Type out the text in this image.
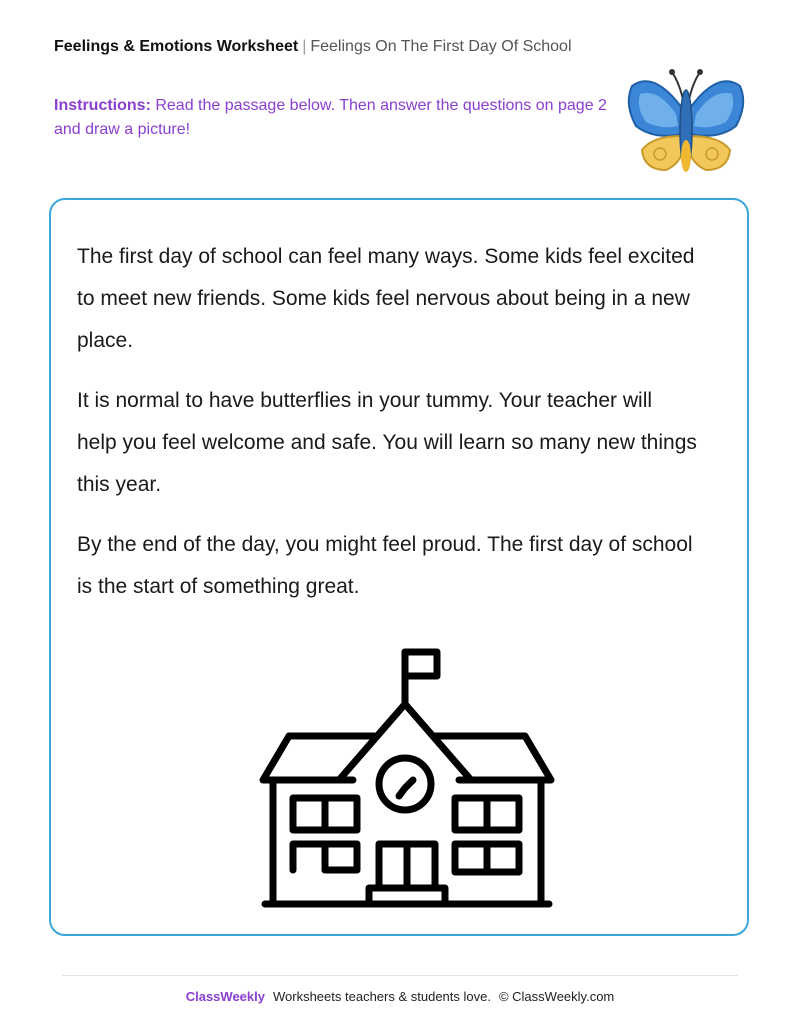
Feelings & Emotions Worksheet | Feelings On The First Day Of School
Instructions: Read the passage below. Then answer the questions on page 2 and draw a picture!

The first day of school can feel many ways. Some kids feel excited to meet new friends. Some kids feel nervous about being in a new place.

It is normal to have butterflies in your tummy. Your teacher will help you feel welcome and safe. You will learn so many new things this year.

By the end of the day, you might feel proud. The first day of school is the start of something great.

ClassWeekly Worksheets teachers & students love. © ClassWeekly.com
